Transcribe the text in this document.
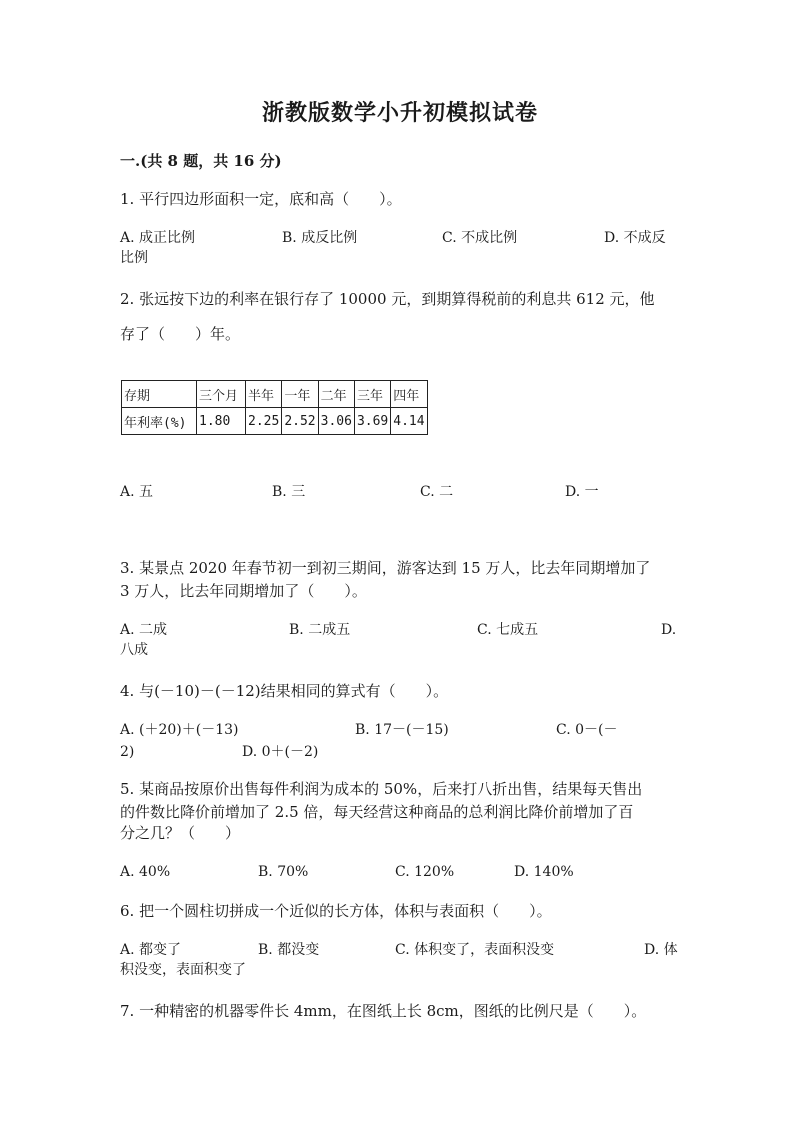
浙教版数学小升初模拟试卷
一.(共 8 题，共 16 分)
1. 平行四边形面积一定，底和高（　　）。
A. 成正比例	B. 成反比例	C. 不成比例	D. 不成反
比例
2. 张远按下边的利率在银行存了 10000 元，到期算得税前的利息共 612 元，他
存了（　　）年。
存期	三个月	半年	一年	二年	三年	四年
年利率(%)	1.80	2.25	2.52	3.06	3.69	4.14
A. 五	B. 三	C. 二	D. 一
3. 某景点 2020 年春节初一到初三期间，游客达到 15 万人，比去年同期增加了
3 万人，比去年同期增加了（　　）。
A. 二成	B. 二成五	C. 七成五	D.
八成
4. 与(－10)－(－12)结果相同的算式有（　　）。
A. (＋20)＋(－13)	B. 17－(－15)	C. 0－(－
2)	D. 0＋(－2)
5. 某商品按原价出售每件利润为成本的 50%，后来打八折出售，结果每天售出
的件数比降价前增加了 2.5 倍，每天经营这种商品的总利润比降价前增加了百
分之几？（　　）
A. 40%	B. 70%	C. 120%	D. 140%
6. 把一个圆柱切拼成一个近似的长方体，体积与表面积（　　）。
A. 都变了	B. 都没变	C. 体积变了，表面积没变	D. 体
积没变，表面积变了
7. 一种精密的机器零件长 4mm，在图纸上长 8cm，图纸的比例尺是（　　）。
